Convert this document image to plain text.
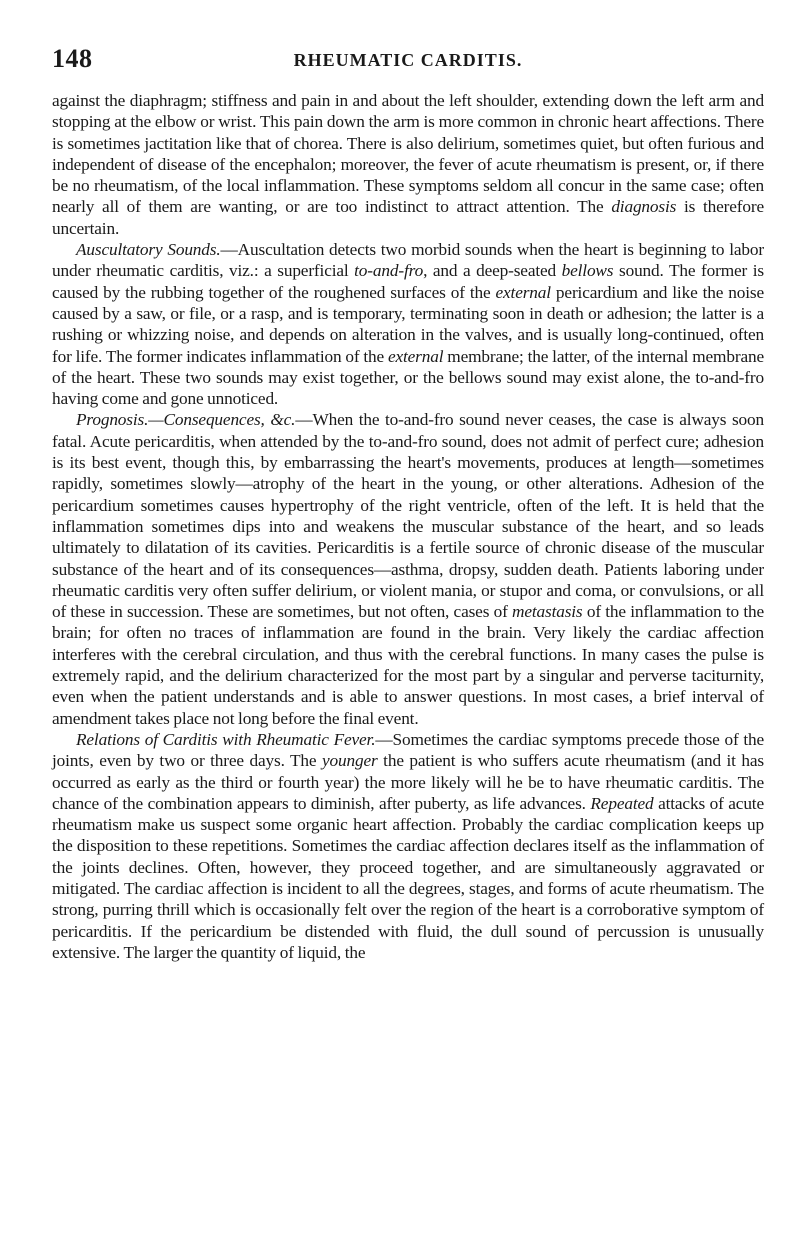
148	RHEUMATIC CARDITIS.

against the diaphragm; stiffness and pain in and about the left shoulder, extending down the left arm and stopping at the elbow or wrist. This pain down the arm is more common in chronic heart affections. There is sometimes jactitation like that of chorea. There is also delirium, sometimes quiet, but often furious and independent of disease of the encephalon; moreover, the fever of acute rheumatism is present, or, if there be no rheumatism, of the local inflammation. These symptoms seldom all concur in the same case; often nearly all of them are wanting, or are too indistinct to attract attention. The diagnosis is therefore uncertain.

Auscultatory Sounds.—Auscultation detects two morbid sounds when the heart is beginning to labor under rheumatic carditis, viz.: a superficial to-and-fro, and a deep-seated bellows sound. The former is caused by the rubbing together of the roughened surfaces of the external pericardium and like the noise caused by a saw, or file, or a rasp, and is temporary, terminating soon in death or adhesion; the latter is a rushing or whizzing noise, and depends on alteration in the valves, and is usually long-continued, often for life. The former indicates inflammation of the external membrane; the latter, of the internal membrane of the heart. These two sounds may exist together, or the bellows sound may exist alone, the to-and-fro having come and gone unnoticed.

Prognosis.—Consequences, &c.—When the to-and-fro sound never ceases, the case is always soon fatal. Acute pericarditis, when attended by the to-and-fro sound, does not admit of perfect cure; adhesion is its best event, though this, by embarrassing the heart's movements, produces at length—sometimes rapidly, sometimes slowly—atrophy of the heart in the young, or other alterations. Adhesion of the pericardium sometimes causes hypertrophy of the right ventricle, often of the left. It is held that the inflammation sometimes dips into and weakens the muscular substance of the heart, and so leads ultimately to dilatation of its cavities. Pericarditis is a fertile source of chronic disease of the muscular substance of the heart and of its consequences—asthma, dropsy, sudden death. Patients laboring under rheumatic carditis very often suffer delirium, or violent mania, or stupor and coma, or convulsions, or all of these in succession. These are sometimes, but not often, cases of metastasis of the inflammation to the brain; for often no traces of inflammation are found in the brain. Very likely the cardiac affection interferes with the cerebral circulation, and thus with the cerebral functions. In many cases the pulse is extremely rapid, and the delirium characterized for the most part by a singular and perverse taciturnity, even when the patient understands and is able to answer questions. In most cases, a brief interval of amendment takes place not long before the final event.

Relations of Carditis with Rheumatic Fever.—Sometimes the cardiac symptoms precede those of the joints, even by two or three days. The younger the patient is who suffers acute rheumatism (and it has occurred as early as the third or fourth year) the more likely will he be to have rheumatic carditis. The chance of the combination appears to diminish, after puberty, as life advances. Repeated attacks of acute rheumatism make us suspect some organic heart affection. Probably the cardiac complication keeps up the disposition to these repetitions. Sometimes the cardiac affection declares itself as the inflammation of the joints declines. Often, however, they proceed together, and are simultaneously aggravated or mitigated. The cardiac affection is incident to all the degrees, stages, and forms of acute rheumatism. The strong, purring thrill which is occasionally felt over the region of the heart is a corroborative symptom of pericarditis. If the pericardium be distended with fluid, the dull sound of percussion is unusually extensive. The larger the quantity of liquid, the
